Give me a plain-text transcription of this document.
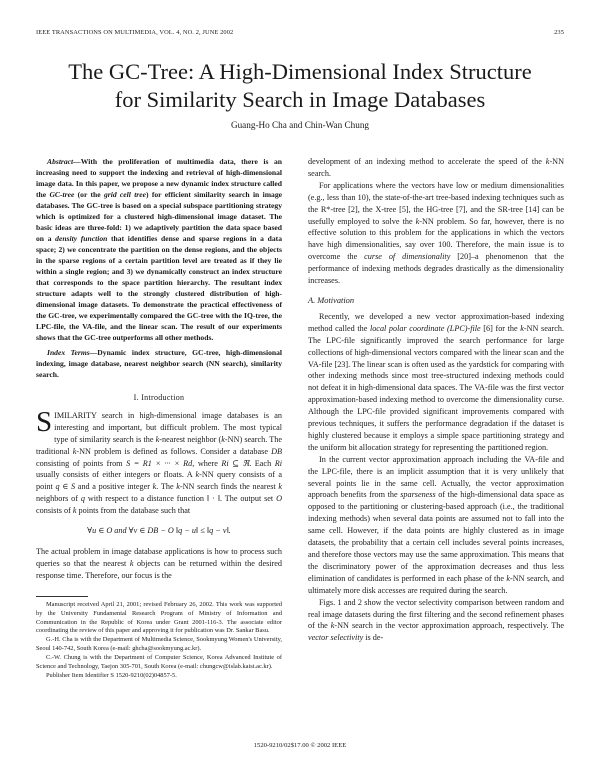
IEEE TRANSACTIONS ON MULTIMEDIA, VOL. 4, NO. 2, JUNE 2002	235
The GC-Tree: A High-Dimensional Index Structure
for Similarity Search in Image Databases
Guang-Ho Cha and Chin-Wan Chung

Abstract—With the proliferation of multimedia data, there is an increasing need to support the indexing and retrieval of high-dimensional image data. In this paper, we propose a new dynamic index structure called the GC-tree (or the grid cell tree) for efficient similarity search in image databases. The GC-tree is based on a special subspace partitioning strategy which is optimized for a clustered high-dimensional image dataset. The basic ideas are three-fold: 1) we adaptively partition the data space based on a density function that identifies dense and sparse regions in a data space; 2) we concentrate the partition on the dense regions, and the objects in the sparse regions of a certain partition level are treated as if they lie within a single region; and 3) we dynamically construct an index structure that corresponds to the space partition hierarchy. The resultant index structure adapts well to the strongly clustered distribution of high-dimensional image datasets. To demonstrate the practical effectiveness of the GC-tree, we experimentally compared the GC-tree with the IQ-tree, the LPC-file, the VA-file, and the linear scan. The result of our experiments shows that the GC-tree outperforms all other methods.

Index Terms—Dynamic index structure, GC-tree, high-dimensional indexing, image database, nearest neighbor search (NN search), similarity search.

I. Introduction

SIMILARITY search in high-dimensional image databases is an interesting and important, but difficult problem. The most typical type of similarity search is the k-nearest neighbor (k-NN) search. The traditional k-NN problem is defined as follows. Consider a database DB consisting of points from S = R1 × ··· × Rd, where Ri ⊆ ℜ. Each Ri usually consists of either integers or floats. A k-NN query consists of a point q ∈ S and a positive integer k. The k-NN search finds the nearest k neighbors of q with respect to a distance function ‖ · ‖. The output set O consists of k points from the database such that

∀u ∈ O and ∀v ∈ DB − O ‖q − u‖ ≤ ‖q − v‖.

The actual problem in image database applications is how to process such queries so that the nearest k objects can be returned within the desired response time. Therefore, our focus is the

Manuscript received April 21, 2001; revised February 26, 2002. This work was supported by the University Fundamental Research Program of Ministry of Information and Communication in the Republic of Korea under Grant 2001-116-3. The associate editor coordinating the review of this paper and approving it for publication was Dr. Sankar Basu.

G.-H. Cha is with the Department of Multimedia Science, Sookmyung Women's University, Seoul 140-742, South Korea (e-mail: ghcha@sookmyung.ac.kr).

C.-W. Chung is with the Department of Computer Science, Korea Advanced Institute of Science and Technology, Taejon 305-701, South Korea (e-mail: chungcw@islab.kaist.ac.kr).

Publisher Item Identifier S 1520-9210(02)04857-5.

development of an indexing method to accelerate the speed of the k-NN search.

For applications where the vectors have low or medium dimensionalities (e.g., less than 10), the state-of-the-art tree-based indexing techniques such as the R*-tree [2], the X-tree [5], the HG-tree [7], and the SR-tree [14] can be usefully employed to solve the k-NN problem. So far, however, there is no effective solution to this problem for the applications in which the vectors have high dimensionalities, say over 100. Therefore, the main issue is to overcome the curse of dimensionality [20]–a phenomenon that the performance of indexing methods degrades drastically as the dimensionality increases.

A. Motivation

Recently, we developed a new vector approximation-based indexing method called the local polar coordinate (LPC)-file [6] for the k-NN search. The LPC-file significantly improved the search performance for large collections of high-dimensional vectors compared with the linear scan and the VA-file [23]. The linear scan is often used as the yardstick for comparing with other indexing methods since most tree-structured indexing methods could not defeat it in high-dimensional data spaces. The VA-file was the first vector approximation-based indexing method to overcome the dimensionality curse. Although the LPC-file provided significant improvements compared with previous techniques, it suffers the performance degradation if the dataset is highly clustered because it employs a simple space partitioning strategy and the uniform bit allocation strategy for representing the partitioned region.

In the current vector approximation approach including the VA-file and the LPC-file, there is an implicit assumption that it is very unlikely that several points lie in the same cell. Actually, the vector approximation approach benefits from the sparseness of the high-dimensional data space as opposed to the partitioning or clustering-based approach (i.e., the traditional indexing methods) when several data points are assumed not to fall into the same cell. However, if the data points are highly clustered as in image datasets, the probability that a certain cell includes several points increases, and therefore those vectors may use the same approximation. This means that the discriminatory power of the approximation decreases and thus less elimination of candidates is performed in each phase of the k-NN search, and ultimately more disk accesses are required during the search.

Figs. 1 and 2 show the vector selectivity comparison between random and real image datasets during the first filtering and the second refinement phases of the k-NN search in the vector approximation approach, respectively. The vector selectivity is de-

1520-9210/02$17.00 © 2002 IEEE
